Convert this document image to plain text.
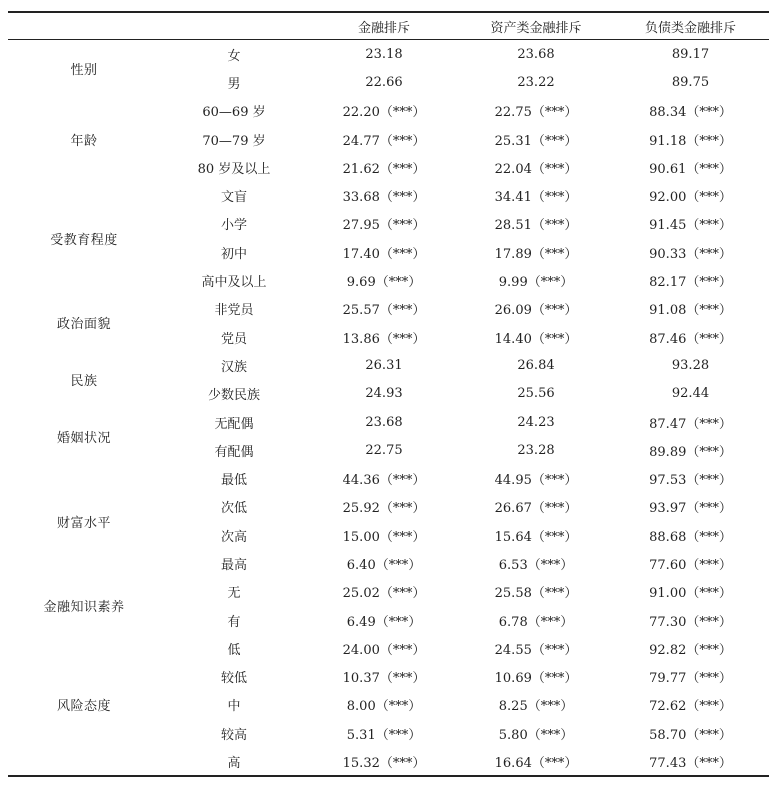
		金融排斥	资产类金融排斥	负债类金融排斥
性别	女	23.18	23.68	89.17
	男	22.66	23.22	89.75
年龄	60—69 岁	22.20（***）	22.75（***）	88.34（***）
	70—79 岁	24.77（***）	25.31（***）	91.18（***）
	80 岁及以上	21.62（***）	22.04（***）	90.61（***）
受教育程度	文盲	33.68（***）	34.41（***）	92.00（***）
	小学	27.95（***）	28.51（***）	91.45（***）
	初中	17.40（***）	17.89（***）	90.33（***）
	高中及以上	9.69（***）	9.99（***）	82.17（***）
政治面貌	非党员	25.57（***）	26.09（***）	91.08（***）
	党员	13.86（***）	14.40（***）	87.46（***）
民族	汉族	26.31	26.84	93.28
	少数民族	24.93	25.56	92.44
婚姻状况	无配偶	23.68	24.23	87.47（***）
	有配偶	22.75	23.28	89.89（***）
财富水平	最低	44.36（***）	44.95（***）	97.53（***）
	次低	25.92（***）	26.67（***）	93.97（***）
	次高	15.00（***）	15.64（***）	88.68（***）
	最高	6.40（***）	6.53（***）	77.60（***）
金融知识素养	无	25.02（***）	25.58（***）	91.00（***）
	有	6.49（***）	6.78（***）	77.30（***）
风险态度	低	24.00（***）	24.55（***）	92.82（***）
	较低	10.37（***）	10.69（***）	79.77（***）
	中	8.00（***）	8.25（***）	72.62（***）
	较高	5.31（***）	5.80（***）	58.70（***）
	高	15.32（***）	16.64（***）	77.43（***）
